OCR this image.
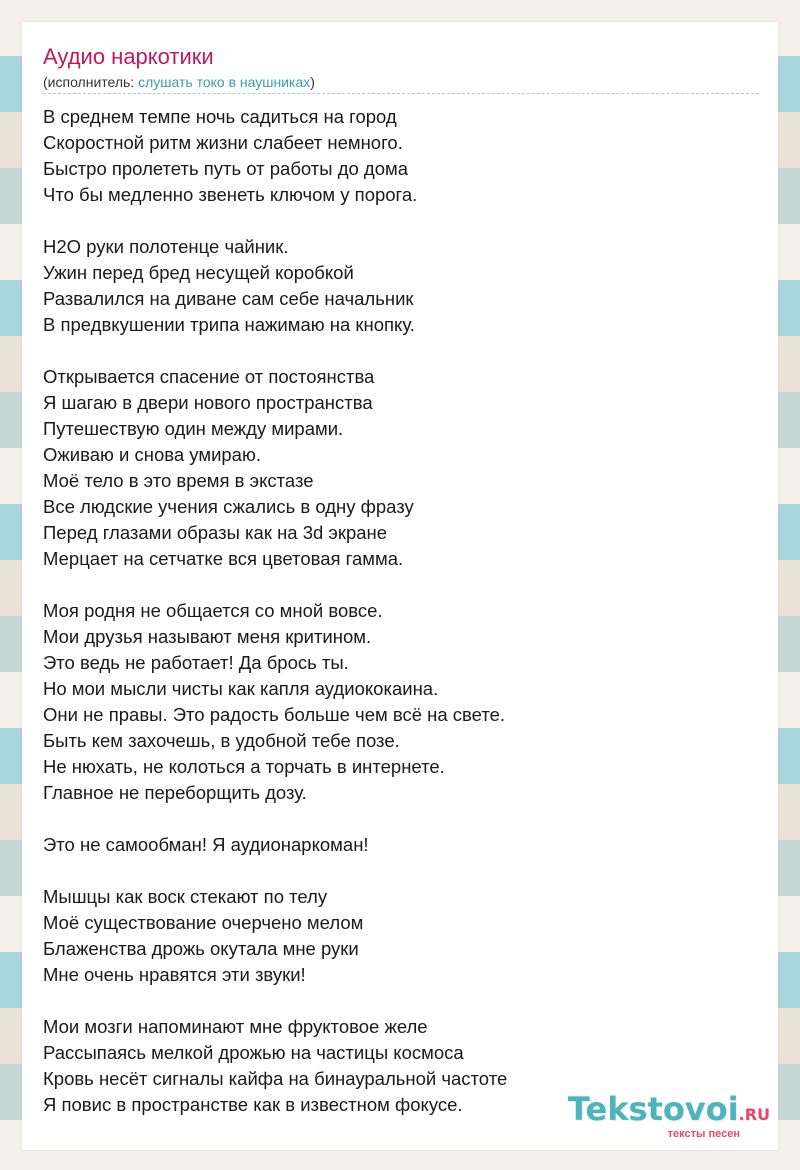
Аудио наркотики
(исполнитель: слушать токо в наушниках)
В среднем темпе ночь садиться на город
Скоростной ритм жизни слабеет немного.
Быстро пролететь путь от работы до дома
Что бы медленно звенеть ключом у порога.
Н2О руки полотенце чайник.
Ужин перед бред несущей коробкой
Развалился на диване сам себе начальник
В предвкушении трипа нажимаю на кнопку.
Открывается спасение от постоянства
Я шагаю в двери нового пространства
Путешествую один между мирами.
Оживаю и снова умираю.
Моё тело в это время в экстазе
Все людские учения сжались в одну фразу
Перед глазами образы как на 3d экране
Мерцает на сетчатке вся цветовая гамма.
Моя родня не общается со мной вовсе.
Мои друзья называют меня критином.
Это ведь не работает! Да брось ты.
Но мои мысли чисты как капля аудиококаина.
Они не правы. Это радость больше чем всё на свете.
Быть кем захочешь, в удобной тебе позе.
Не нюхать, не колоться а торчать в интернете.
Главное не переборщить дозу.
Это не самообман! Я аудионаркоман!
Мышцы как воск стекают по телу
Моё существование очерчено мелом
Блаженства дрожь окутала мне руки
Мне очень нравятся эти звуки!
Мои мозги напоминают мне фруктовое желе
Рассыпаясь мелкой дрожью на частицы космоса
Кровь несёт сигналы кайфа на бинауральной частоте
Я повис в пространстве как в известном фокусе.	Tekstovoi.RU
тексты песен
